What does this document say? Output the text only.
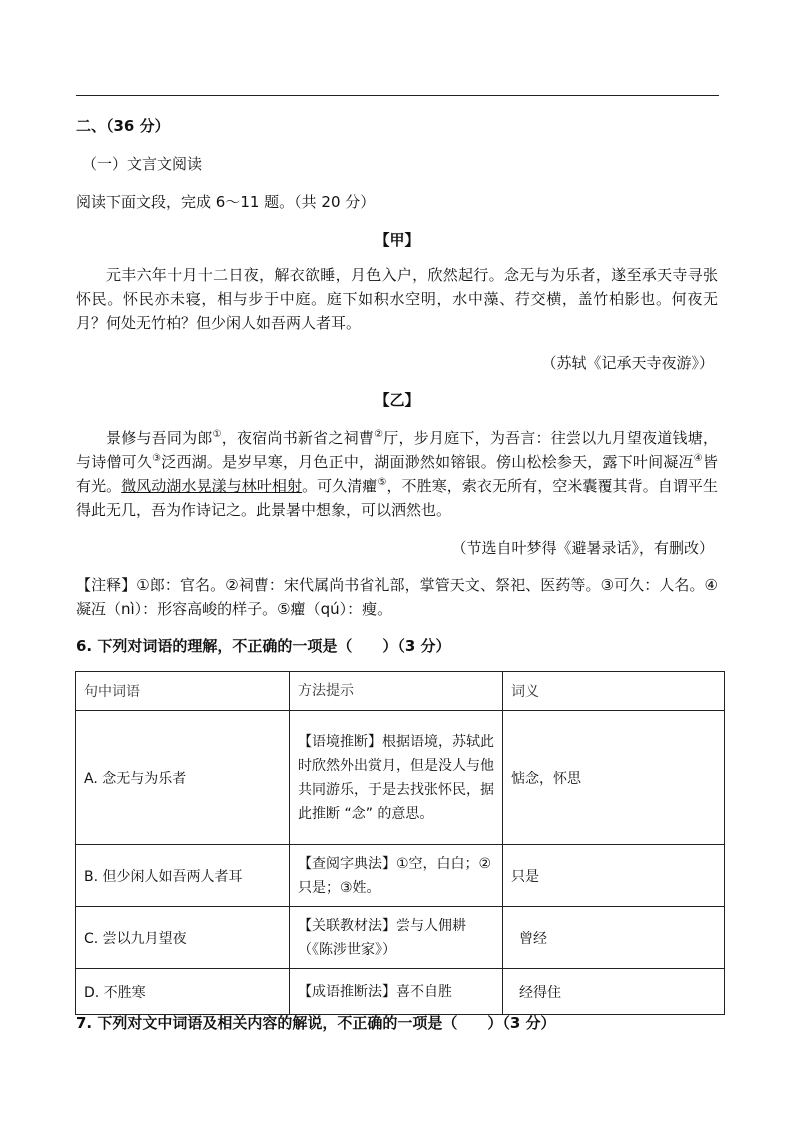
二、（36 分）
（一）文言文阅读
阅读下面文段，完成 6～11 题。（共 20 分）
【甲】

元丰六年十月十二日夜，解衣欲睡，月色入户，欣然起行。念无与为乐者，遂至承天寺寻张怀民。怀民亦未寝，相与步于中庭。庭下如积水空明，水中藻、荇交横，盖竹柏影也。何夜无月？何处无竹柏？但少闲人如吾两人者耳。

（苏轼《记承天寺夜游》）
【乙】

景修与吾同为郎①，夜宿尚书新省之祠曹②厅，步月庭下，为吾言：往尝以九月望夜道钱塘，与诗僧可久③泛西湖。是岁早寒，月色正中，湖面渺然如镕银。傍山松桧参天，露下叶间凝冱④皆有光。微风动湖水晃漾与林叶相射。可久清癯⑤，不胜寒，索衣无所有，空米囊覆其背。自谓平生得此无几，吾为作诗记之。此景暑中想象，可以洒然也。

（节选自叶梦得《避暑录话》，有删改）

【注释】①郎：官名。②祠曹：宋代属尚书省礼部，掌管天文、祭祀、医药等。③可久：人名。④凝冱（nì）：形容高峻的样子。⑤癯（qú）：瘦。

6. 下列对词语的理解，不正确的一项是（　　）（3 分）
句中词语	方法提示	词义
A. 念无与为乐者	【语境推断】根据语境，苏轼此时欣然外出赏月，但是没人与他共同游乐，于是去找张怀民，据此推断 “念” 的意思。	惦念，怀思
B. 但少闲人如吾两人者耳	【查阅字典法】①空，白白；②只是；③姓。	只是
C. 尝以九月望夜	【关联教材法】尝与人佣耕（《陈涉世家》）	曾经
D. 不胜寒	【成语推断法】喜不自胜	经得住
7. 下列对文中词语及相关内容的解说，不正确的一项是（　　）（3 分）
